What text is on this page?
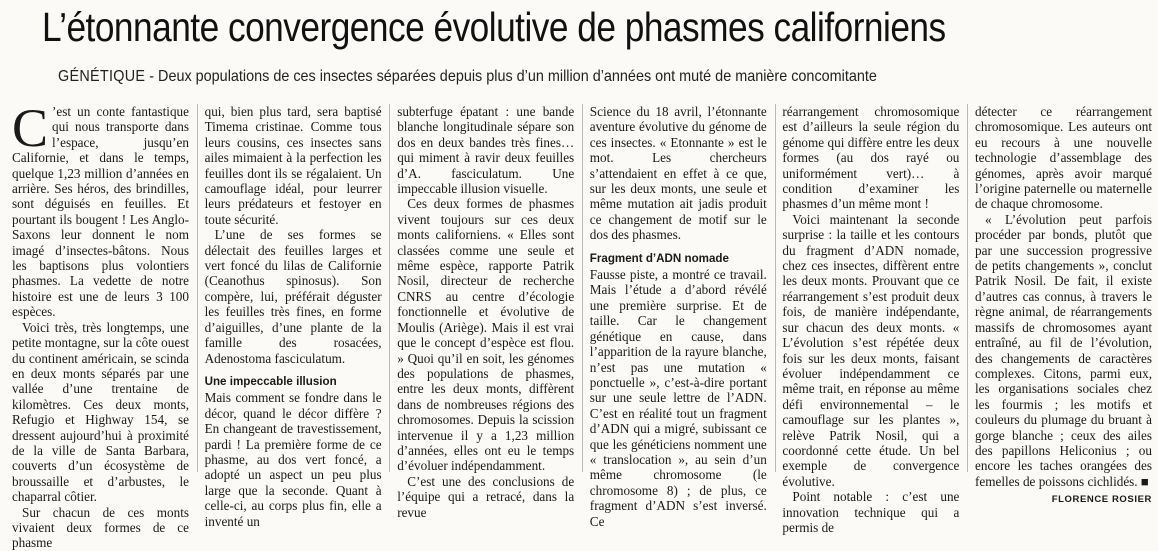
L’étonnante convergence évolutive de phasmes californiens
GÉNÉTIQUE - Deux populations de ces insectes séparées depuis plus d’un million d’années ont muté de manière concomitante

C ’est un conte fantastique qui nous transporte dans l’espace, jusqu’en Californie, et dans le temps, quelque 1,23 million d’années en arrière. Ses héros, des brindilles, sont déguisés en feuilles. Et pourtant ils bougent ! Les Anglo-Saxons leur donnent le nom imagé d’insectes-bâtons. Nous les baptisons plus volontiers phasmes. La vedette de notre histoire est une de leurs 3 100 espèces.

Voici très, très longtemps, une petite montagne, sur la côte ouest du continent américain, se scinda en deux monts séparés par une vallée d’une trentaine de kilomètres. Ces deux monts, Refugio et Highway 154, se dressent aujourd’hui à proximité de la ville de Santa Barbara, couverts d’un écosystème de broussaille et d’arbustes, le chaparral côtier.

Sur chacun de ces monts vivaient deux formes de ce phasme

qui, bien plus tard, sera baptisé Timema cristinae. Comme tous leurs cousins, ces insectes sans ailes mimaient à la perfection les feuilles dont ils se régalaient. Un camouflage idéal, pour leurrer leurs prédateurs et festoyer en toute sécurité.

L’une de ses formes se délectait des feuilles larges et vert foncé du lilas de Californie (Ceanothus spinosus). Son compère, lui, préférait déguster les feuilles très fines, en forme d’aiguilles, d’une plante de la famille des rosacées, Adenostoma fasciculatum.

Une impeccable illusion

Mais comment se fondre dans le décor, quand le décor diffère ? En changeant de travestissement, pardi ! La première forme de ce phasme, au dos vert foncé, a adopté un aspect un peu plus large que la seconde. Quant à celle-ci, au corps plus fin, elle a inventé un

subterfuge épatant : une bande blanche longitudinale sépare son dos en deux bandes très fines… qui miment à ravir deux feuilles d’A. fasciculatum. Une impeccable illusion visuelle.

Ces deux formes de phasmes vivent toujours sur ces deux monts californiens. « Elles sont classées comme une seule et même espèce, rapporte Patrik Nosil, directeur de recherche CNRS au centre d’écologie fonctionnelle et évolutive de Moulis (Ariège). Mais il est vrai que le concept d’espèce est flou. » Quoi qu’il en soit, les génomes des populations de phasmes, entre les deux monts, diffèrent dans de nombreuses régions des chromosomes. Depuis la scission intervenue il y a 1,23 million d’années, elles ont eu le temps d’évoluer indépendamment.

C’est une des conclusions de l’équipe qui a retracé, dans la revue

Science du 18 avril, l’étonnante aventure évolutive du génome de ces insectes. « Etonnante » est le mot. Les chercheurs s’attendaient en effet à ce que, sur les deux monts, une seule et même mutation ait jadis produit ce changement de motif sur le dos des phasmes.

Fragment d’ADN nomade

Fausse piste, a montré ce travail. Mais l’étude a d’abord révélé une première surprise. Et de taille. Car le changement génétique en cause, dans l’apparition de la rayure blanche, n’est pas une mutation « ponctuelle », c’est-à-dire portant sur une seule lettre de l’ADN. C’est en réalité tout un fragment d’ADN qui a migré, subissant ce que les généticiens nomment une « translocation », au sein d’un même chromosome (le chromosome 8) ; de plus, ce fragment d’ADN s’est inversé. Ce

réarrangement chromosomique est d’ailleurs la seule région du génome qui diffère entre les deux formes (au dos rayé ou uniformément vert)… à condition d’examiner les phasmes d’un même mont !

Voici maintenant la seconde surprise : la taille et les contours du fragment d’ADN nomade, chez ces insectes, diffèrent entre les deux monts. Prouvant que ce réarrangement s’est produit deux fois, de manière indépendante, sur chacun des deux monts. « L’évolution s’est répétée deux fois sur les deux monts, faisant évoluer indépendamment ce même trait, en réponse au même défi environnemental – le camouflage sur les plantes », relève Patrik Nosil, qui a coordonné cette étude. Un bel exemple de convergence évolutive.

Point notable : c’est une innovation technique qui a permis de

détecter ce réarrangement chromosomique. Les auteurs ont eu recours à une nouvelle technologie d’assemblage des génomes, après avoir marqué l’origine paternelle ou maternelle de chaque chromosome.

« L’évolution peut parfois procéder par bonds, plutôt que par une succession progressive de petits changements », conclut Patrik Nosil. De fait, il existe d’autres cas connus, à travers le règne animal, de réarrangements massifs de chromosomes ayant entraîné, au fil de l’évolution, des changements de caractères complexes. Citons, parmi eux, les organisations sociales chez les fourmis ; les motifs et couleurs du plumage du bruant à gorge blanche ; ceux des ailes des papillons Heliconius ; ou encore les taches orangées des femelles de poissons cichlidés. ■

FLORENCE ROSIER
